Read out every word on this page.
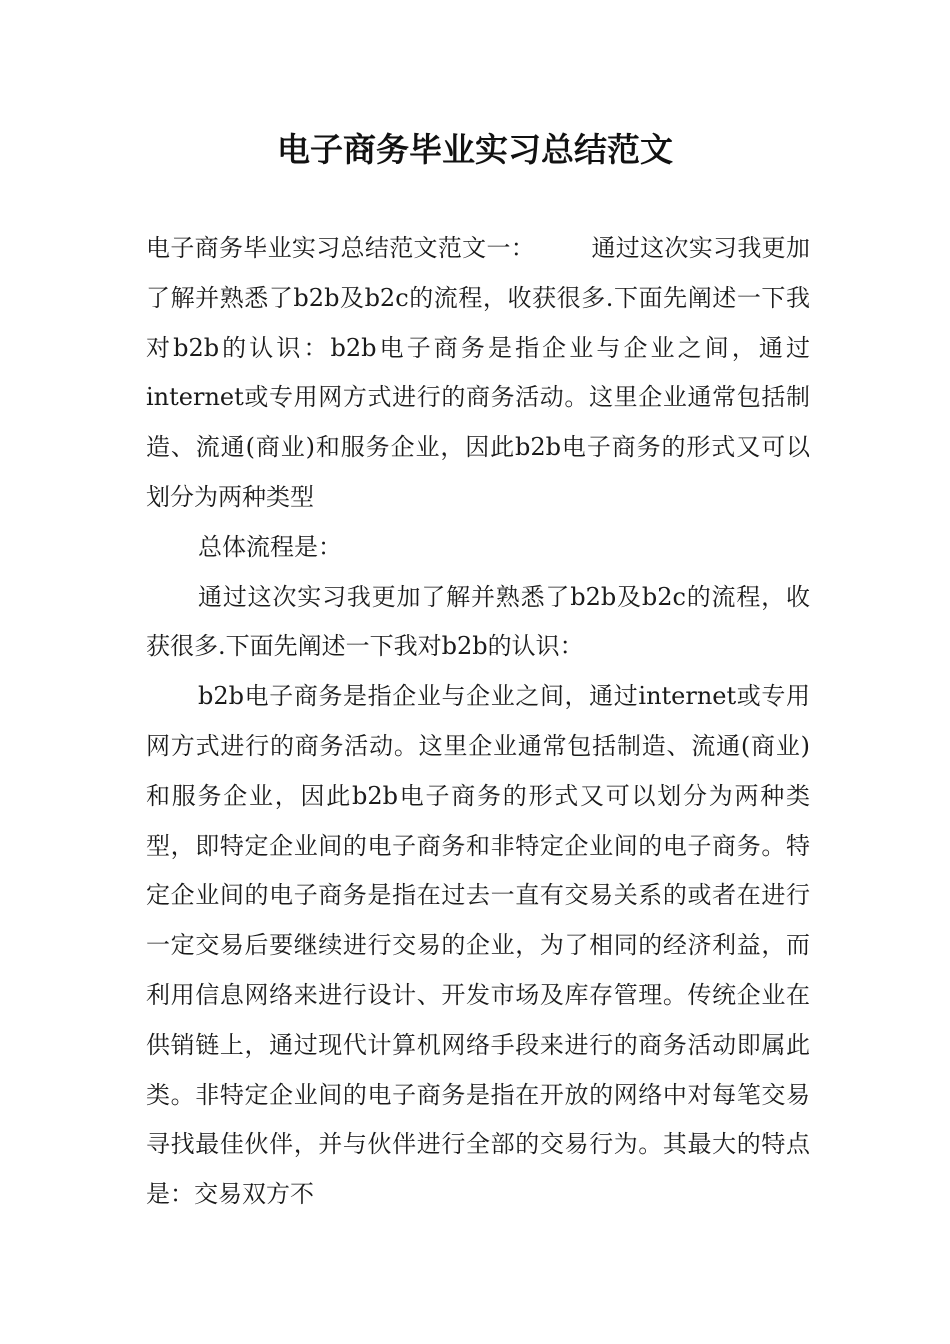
电子商务毕业实习总结范文

电子商务毕业实习总结范文范文一： 通过这次实习我更加了解并熟悉了b2b及b2c的流程，收获很多.下面先阐述一下我对b2b的认识：b2b电子商务是指企业与企业之间，通过internet或专用网方式进行的商务活动。这里企业通常包括制造、流通(商业)和服务企业，因此b2b电子商务的形式又可以划分为两种类型

总体流程是：

通过这次实习我更加了解并熟悉了b2b及b2c的流程，收获很多.下面先阐述一下我对b2b的认识：

b2b电子商务是指企业与企业之间，通过internet或专用网方式进行的商务活动。这里企业通常包括制造、流通(商业)和服务企业，因此b2b电子商务的形式又可以划分为两种类型，即特定企业间的电子商务和非特定企业间的电子商务。特定企业间的电子商务是指在过去一直有交易关系的或者在进行一定交易后要继续进行交易的企业，为了相同的经济利益，而利用信息网络来进行设计、开发市场及库存管理。传统企业在供销链上，通过现代计算机网络手段来进行的商务活动即属此类。非特定企业间的电子商务是指在开放的网络中对每笔交易寻找最佳伙伴，并与伙伴进行全部的交易行为。其最大的特点是：交易双方不
